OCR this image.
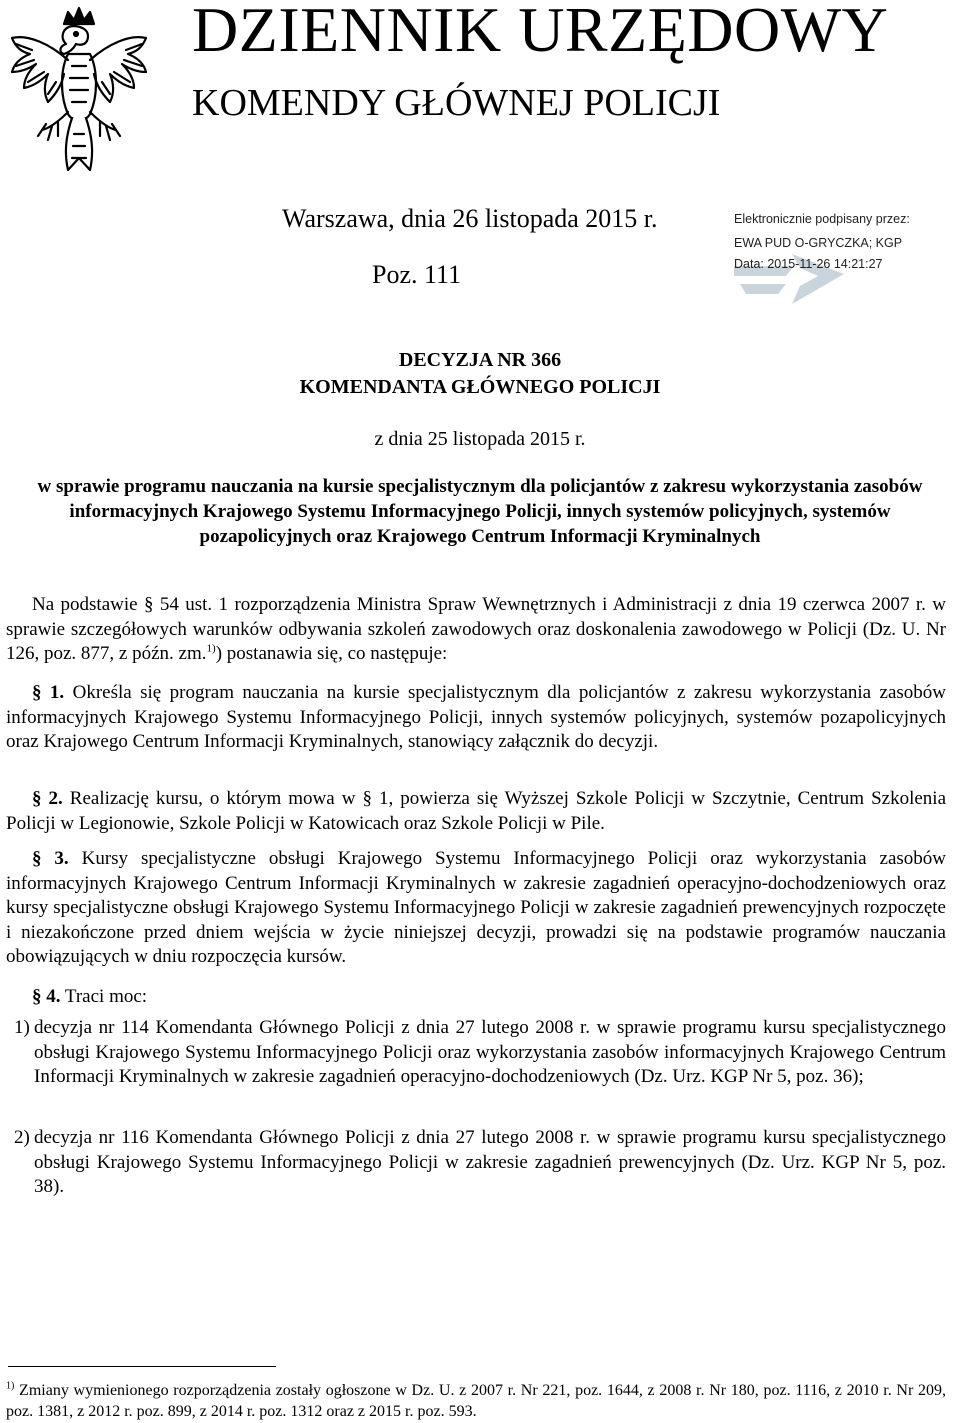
DZIENNIK URZĘDOWY
KOMENDY GŁÓWNEJ POLICJI
Warszawa, dnia 26 listopada 2015 r.
Poz. 111
Elektronicznie podpisany przez:
EWA PUD O-GRYCZKA; KGP
Data: 2015-11-26 14:21:27
DECYZJA NR 366
KOMENDANTA GŁÓWNEGO POLICJI
z dnia 25 listopada 2015 r.
w sprawie programu nauczania na kursie specjalistycznym dla policjantów z zakresu wykorzystania zasobów informacyjnych Krajowego Systemu Informacyjnego Policji, innych systemów policyjnych, systemów pozapolicyjnych oraz Krajowego Centrum Informacji Kryminalnych
Na podstawie § 54 ust. 1 rozporządzenia Ministra Spraw Wewnętrznych i Administracji z dnia 19 czerwca 2007 r. w sprawie szczegółowych warunków odbywania szkoleń zawodowych oraz doskonalenia zawodowego w Policji (Dz. U. Nr 126, poz. 877, z późn. zm.$^{1)}$) postanawia się, co następuje:
§ 1. Określa się program nauczania na kursie specjalistycznym dla policjantów z zakresu wykorzystania zasobów informacyjnych Krajowego Systemu Informacyjnego Policji, innych systemów policyjnych, systemów pozapolicyjnych oraz Krajowego Centrum Informacji Kryminalnych, stanowiący załącznik do decyzji.
§ 2. Realizację kursu, o którym mowa w § 1, powierza się Wyższej Szkole Policji w Szczytnie, Centrum Szkolenia Policji w Legionowie, Szkole Policji w Katowicach oraz Szkole Policji w Pile.
§ 3. Kursy specjalistyczne obsługi Krajowego Systemu Informacyjnego Policji oraz wykorzystania zasobów informacyjnych Krajowego Centrum Informacji Kryminalnych w zakresie zagadnień operacyjno-dochodzeniowych oraz kursy specjalistyczne obsługi Krajowego Systemu Informacyjnego Policji w zakresie zagadnień prewencyjnych rozpoczęte i niezakończone przed dniem wejścia w życie niniejszej decyzji, prowadzi się na podstawie programów nauczania obowiązujących w dniu rozpoczęcia kursów.
§ 4. Traci moc:
1) decyzja nr 114 Komendanta Głównego Policji z dnia 27 lutego 2008 r. w sprawie programu kursu specjalistycznego obsługi Krajowego Systemu Informacyjnego Policji oraz wykorzystania zasobów informacyjnych Krajowego Centrum Informacji Kryminalnych w zakresie zagadnień operacyjno-dochodzeniowych (Dz. Urz. KGP Nr 5, poz. 36);
2) decyzja nr 116 Komendanta Głównego Policji z dnia 27 lutego 2008 r. w sprawie programu kursu specjalistycznego obsługi Krajowego Systemu Informacyjnego Policji w zakresie zagadnień prewencyjnych (Dz. Urz. KGP Nr 5, poz. 38).
$^{1)}$ Zmiany wymienionego rozporządzenia zostały ogłoszone w Dz. U. z 2007 r. Nr 221, poz. 1644, z 2008 r. Nr 180, poz. 1116, z 2010 r. Nr 209, poz. 1381, z 2012 r. poz. 899, z 2014 r. poz. 1312 oraz z 2015 r. poz. 593.
